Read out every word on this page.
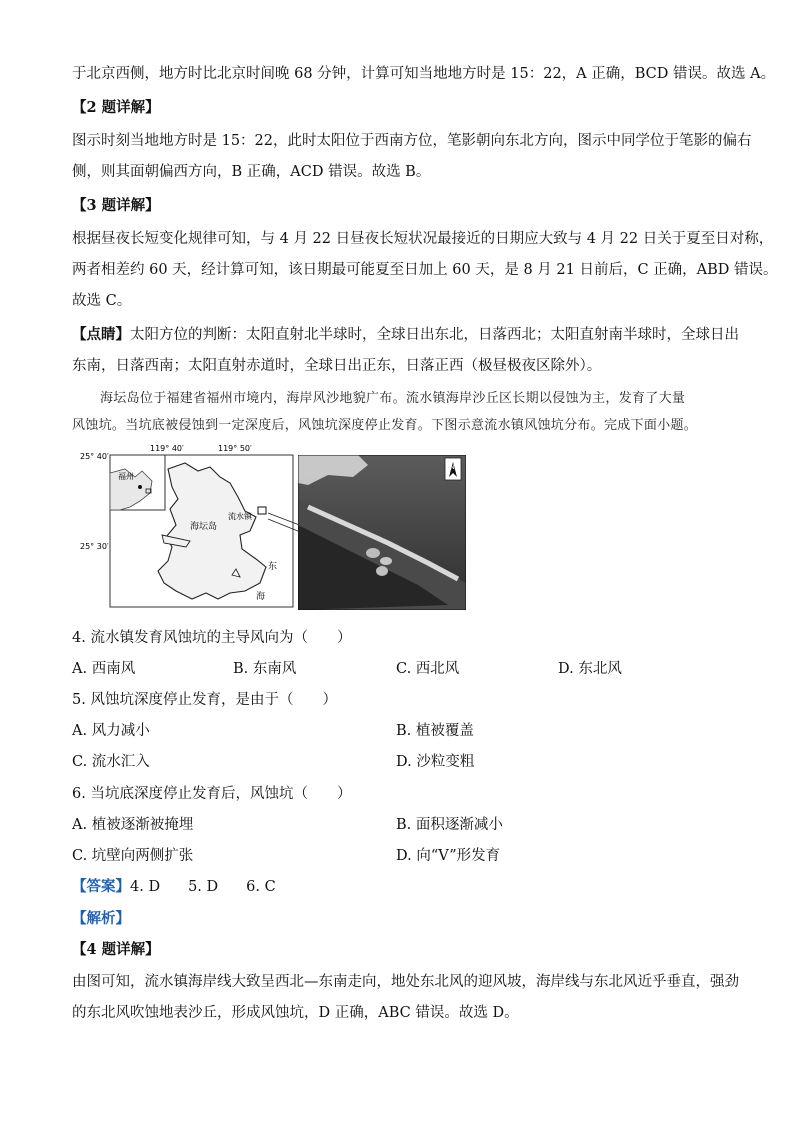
于北京西侧，地方时比北京时间晚 68 分钟，计算可知当地地方时是 15：22，A 正确，BCD 错误。故选 A。
【2 题详解】
图示时刻当地地方时是 15：22，此时太阳位于西南方位，笔影朝向东北方向，图示中同学位于笔影的偏右
侧，则其面朝偏西方向，B 正确，ACD 错误。故选 B。
【3 题详解】
根据昼夜长短变化规律可知，与 4 月 22 日昼夜长短状况最接近的日期应大致与 4 月 22 日关于夏至日对称，
两者相差约 60 天，经计算可知，该日期最可能夏至日加上 60 天，是 8 月 21 日前后，C 正确，ABD 错误。
故选 C。
【点睛】太阳方位的判断：太阳直射北半球时，全球日出东北，日落西北；太阳直射南半球时，全球日出
东南，日落西南；太阳直射赤道时，全球日出正东，日落正西（极昼极夜区除外）。
海坛岛位于福建省福州市境内，海岸风沙地貌广布。流水镇海岸沙丘区长期以侵蚀为主，发育了大量
风蚀坑。当坑底被侵蚀到一定深度后，风蚀坑深度停止发育。下图示意流水镇风蚀坑分布。完成下面小题。
福州
119° 50′
119° 40′
25° 40′
25° 30′
海坛岛
流水镇
东
海
N
4. 流水镇发育风蚀坑的主导风向为（　　）
A. 西南风	B. 东南风	C. 西北风	D. 东北风
5. 风蚀坑深度停止发育，是由于（　　）
A. 风力减小	B. 植被覆盖
C. 流水汇入	D. 沙粒变粗
6. 当坑底深度停止发育后，风蚀坑（　　）
A. 植被逐渐被掩埋	B. 面积逐渐减小
C. 坑壁向两侧扩张	D. 向“V”形发育
【答案】4. D 5. D 6. C
【解析】
【4 题详解】
由图可知，流水镇海岸线大致呈西北—东南走向，地处东北风的迎风坡，海岸线与东北风近乎垂直，强劲
的东北风吹蚀地表沙丘，形成风蚀坑，D 正确，ABC 错误。故选 D。
